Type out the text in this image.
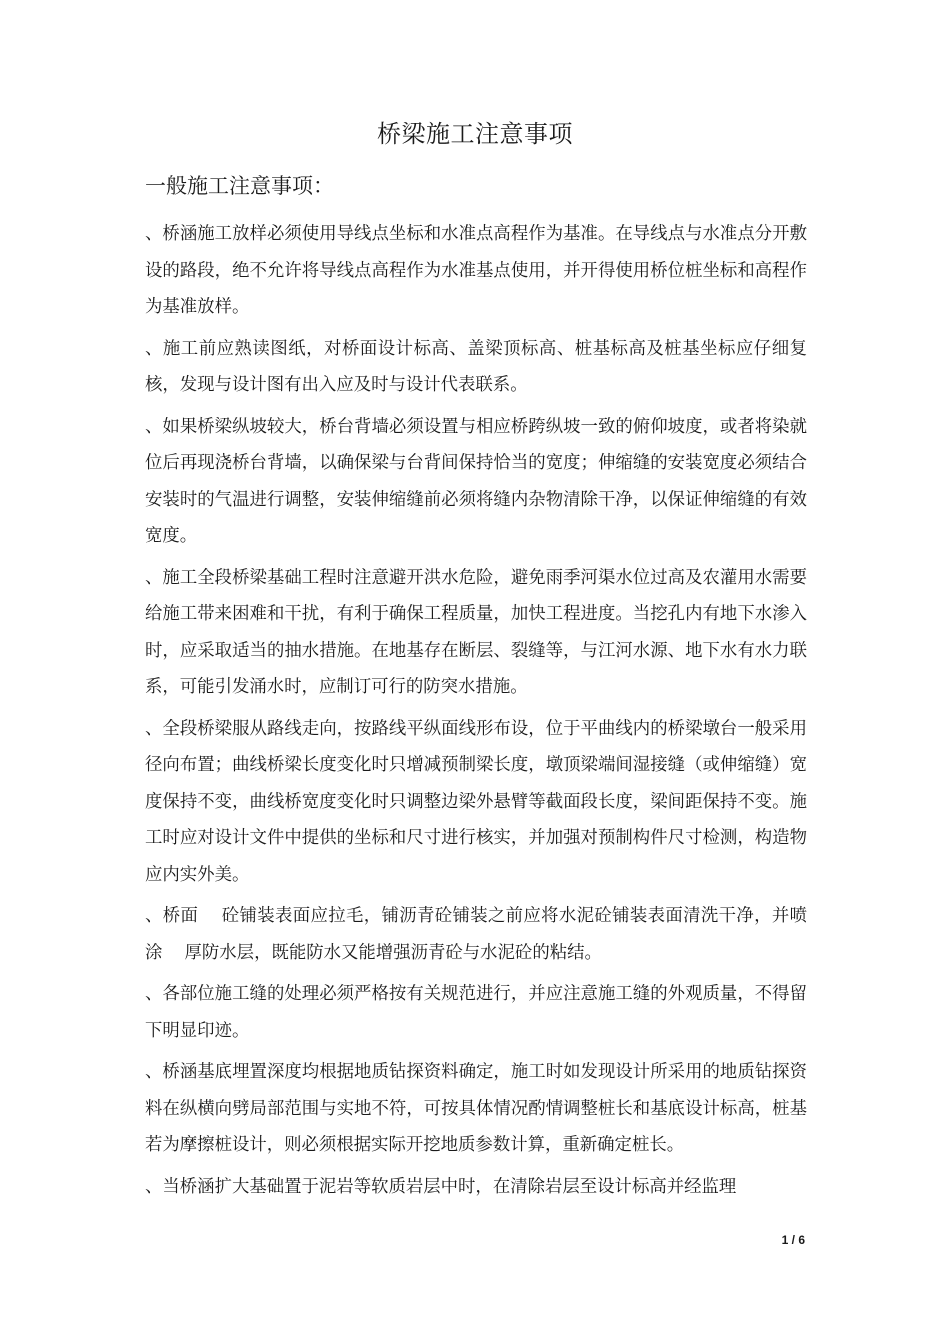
桥梁施工注意事项
一般施工注意事项：

、桥涵施工放样必须使用导线点坐标和水准点高程作为基准。在导线点与水准点分开敷设的路段，绝不允许将导线点高程作为水准基点使用，并开得使用桥位桩坐标和高程作为基准放样。

、施工前应熟读图纸，对桥面设计标高、盖梁顶标高、桩基标高及桩基坐标应仔细复核，发现与设计图有出入应及时与设计代表联系。

、如果桥梁纵坡较大，桥台背墙必须设置与相应桥跨纵坡一致的俯仰坡度，或者将染就位后再现浇桥台背墙，以确保梁与台背间保持恰当的宽度；伸缩缝的安装宽度必须结合安装时的气温进行调整，安装伸缩缝前必须将缝内杂物清除干净，以保证伸缩缝的有效宽度。

、施工全段桥梁基础工程时注意避开洪水危险，避免雨季河渠水位过高及农灌用水需要给施工带来困难和干扰，有利于确保工程质量，加快工程进度。当挖孔内有地下水渗入时，应采取适当的抽水措施。在地基存在断层、裂缝等，与江河水源、地下水有水力联系，可能引发涌水时，应制订可行的防突水措施。

、全段桥梁服从路线走向，按路线平纵面线形布设，位于平曲线内的桥梁墩台一般采用径向布置；曲线桥梁长度变化时只增减预制梁长度，墩顶梁端间湿接缝（或伸缩缝）宽度保持不变，曲线桥宽度变化时只调整边梁外悬臂等截面段长度，梁间距保持不变。施工时应对设计文件中提供的坐标和尺寸进行核实，并加强对预制构件尺寸检测，构造物应内实外美。

、桥面    砼铺装表面应拉毛，铺沥青砼铺装之前应将水泥砼铺装表面清洗干净，并喷涂    厚防水层，既能防水又能增强沥青砼与水泥砼的粘结。

、各部位施工缝的处理必须严格按有关规范进行，并应注意施工缝的外观质量，不得留下明显印迹。

、桥涵基底埋置深度均根据地质钻探资料确定，施工时如发现设计所采用的地质钻探资料在纵横向劈局部范围与实地不符，可按具体情况酌情调整桩长和基底设计标高，桩基若为摩擦桩设计，则必须根据实际开挖地质参数计算，重新确定桩长。

、当桥涵扩大基础置于泥岩等软质岩层中时，在清除岩层至设计标高并经监理

1 / 6
